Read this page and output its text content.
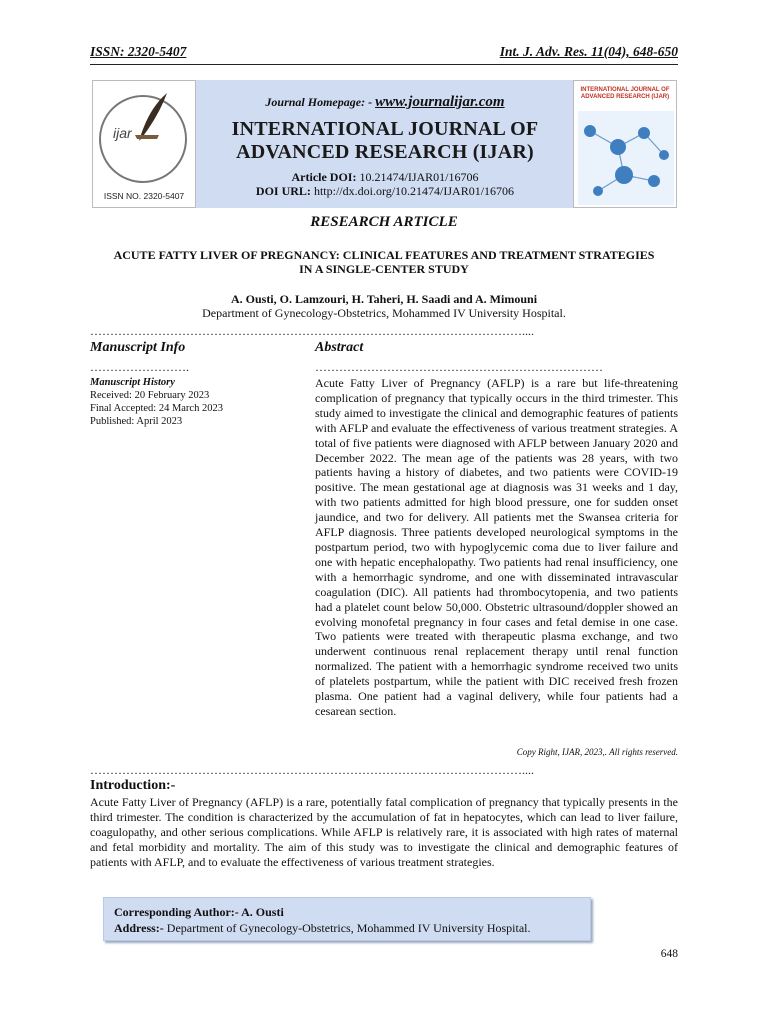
ISSN: 2320-5407	Int. J. Adv. Res. 11(04), 648-650
ijar
ISSN NO. 2320-5407
Journal Homepage: - www.journalijar.com
INTERNATIONAL JOURNAL OF
ADVANCED RESEARCH (IJAR)
Article DOI: 10.21474/IJAR01/16706
DOI URL: http://dx.doi.org/10.21474/IJAR01/16706
INTERNATIONAL JOURNAL OF ADVANCED RESEARCH (IJAR)
RESEARCH ARTICLE
ACUTE FATTY LIVER OF PREGNANCY: CLINICAL FEATURES AND TREATMENT STRATEGIES
IN A SINGLE-CENTER STUDY
A. Ousti, O. Lamzouri, H. Taheri, H. Saadi and A. Mimouni
Department of Gynecology-Obstetrics, Mohammed IV University Hospital.
………………………………………………………………………………………………....
Manuscript Info	Abstract
…………………….	………………………………………………………………
Manuscript History
Received: 20 February 2023
Final Accepted: 24 March 2023
Published: April 2023
Acute Fatty Liver of Pregnancy (AFLP) is a rare but life-threatening complication of pregnancy that typically occurs in the third trimester. This study aimed to investigate the clinical and demographic features of patients with AFLP and evaluate the effectiveness of various treatment strategies. A total of five patients were diagnosed with AFLP between January 2020 and December 2022. The mean age of the patients was 28 years, with two patients having a history of diabetes, and two patients were COVID-19 positive. The mean gestational age at diagnosis was 31 weeks and 1 day, with two patients admitted for high blood pressure, one for sudden onset jaundice, and two for delivery. All patients met the Swansea criteria for AFLP diagnosis. Three patients developed neurological symptoms in the postpartum period, two with hypoglycemic coma due to liver failure and one with hepatic encephalopathy. Two patients had renal insufficiency, one with a hemorrhagic syndrome, and one with disseminated intravascular coagulation (DIC). All patients had thrombocytopenia, and two patients had a platelet count below 50,000. Obstetric ultrasound/doppler showed an evolving monofetal pregnancy in four cases and fetal demise in one case. Two patients were treated with therapeutic plasma exchange, and two underwent continuous renal replacement therapy until renal function normalized. The patient with a hemorrhagic syndrome received two units of platelets postpartum, while the patient with DIC received fresh frozen plasma. One patient had a vaginal delivery, while four patients had a cesarean section.
Copy Right, IJAR, 2023,. All rights reserved.
………………………………………………………………………………………………....
Introduction:-
Acute Fatty Liver of Pregnancy (AFLP) is a rare, potentially fatal complication of pregnancy that typically presents in the third trimester. The condition is characterized by the accumulation of fat in hepatocytes, which can lead to liver failure, coagulopathy, and other serious complications. While AFLP is relatively rare, it is associated with high rates of maternal and fetal morbidity and mortality. The aim of this study was to investigate the clinical and demographic features of patients with AFLP, and to evaluate the effectiveness of various treatment strategies.
Corresponding Author:- A. Ousti
Address:- Department of Gynecology-Obstetrics, Mohammed IV University Hospital.
648
